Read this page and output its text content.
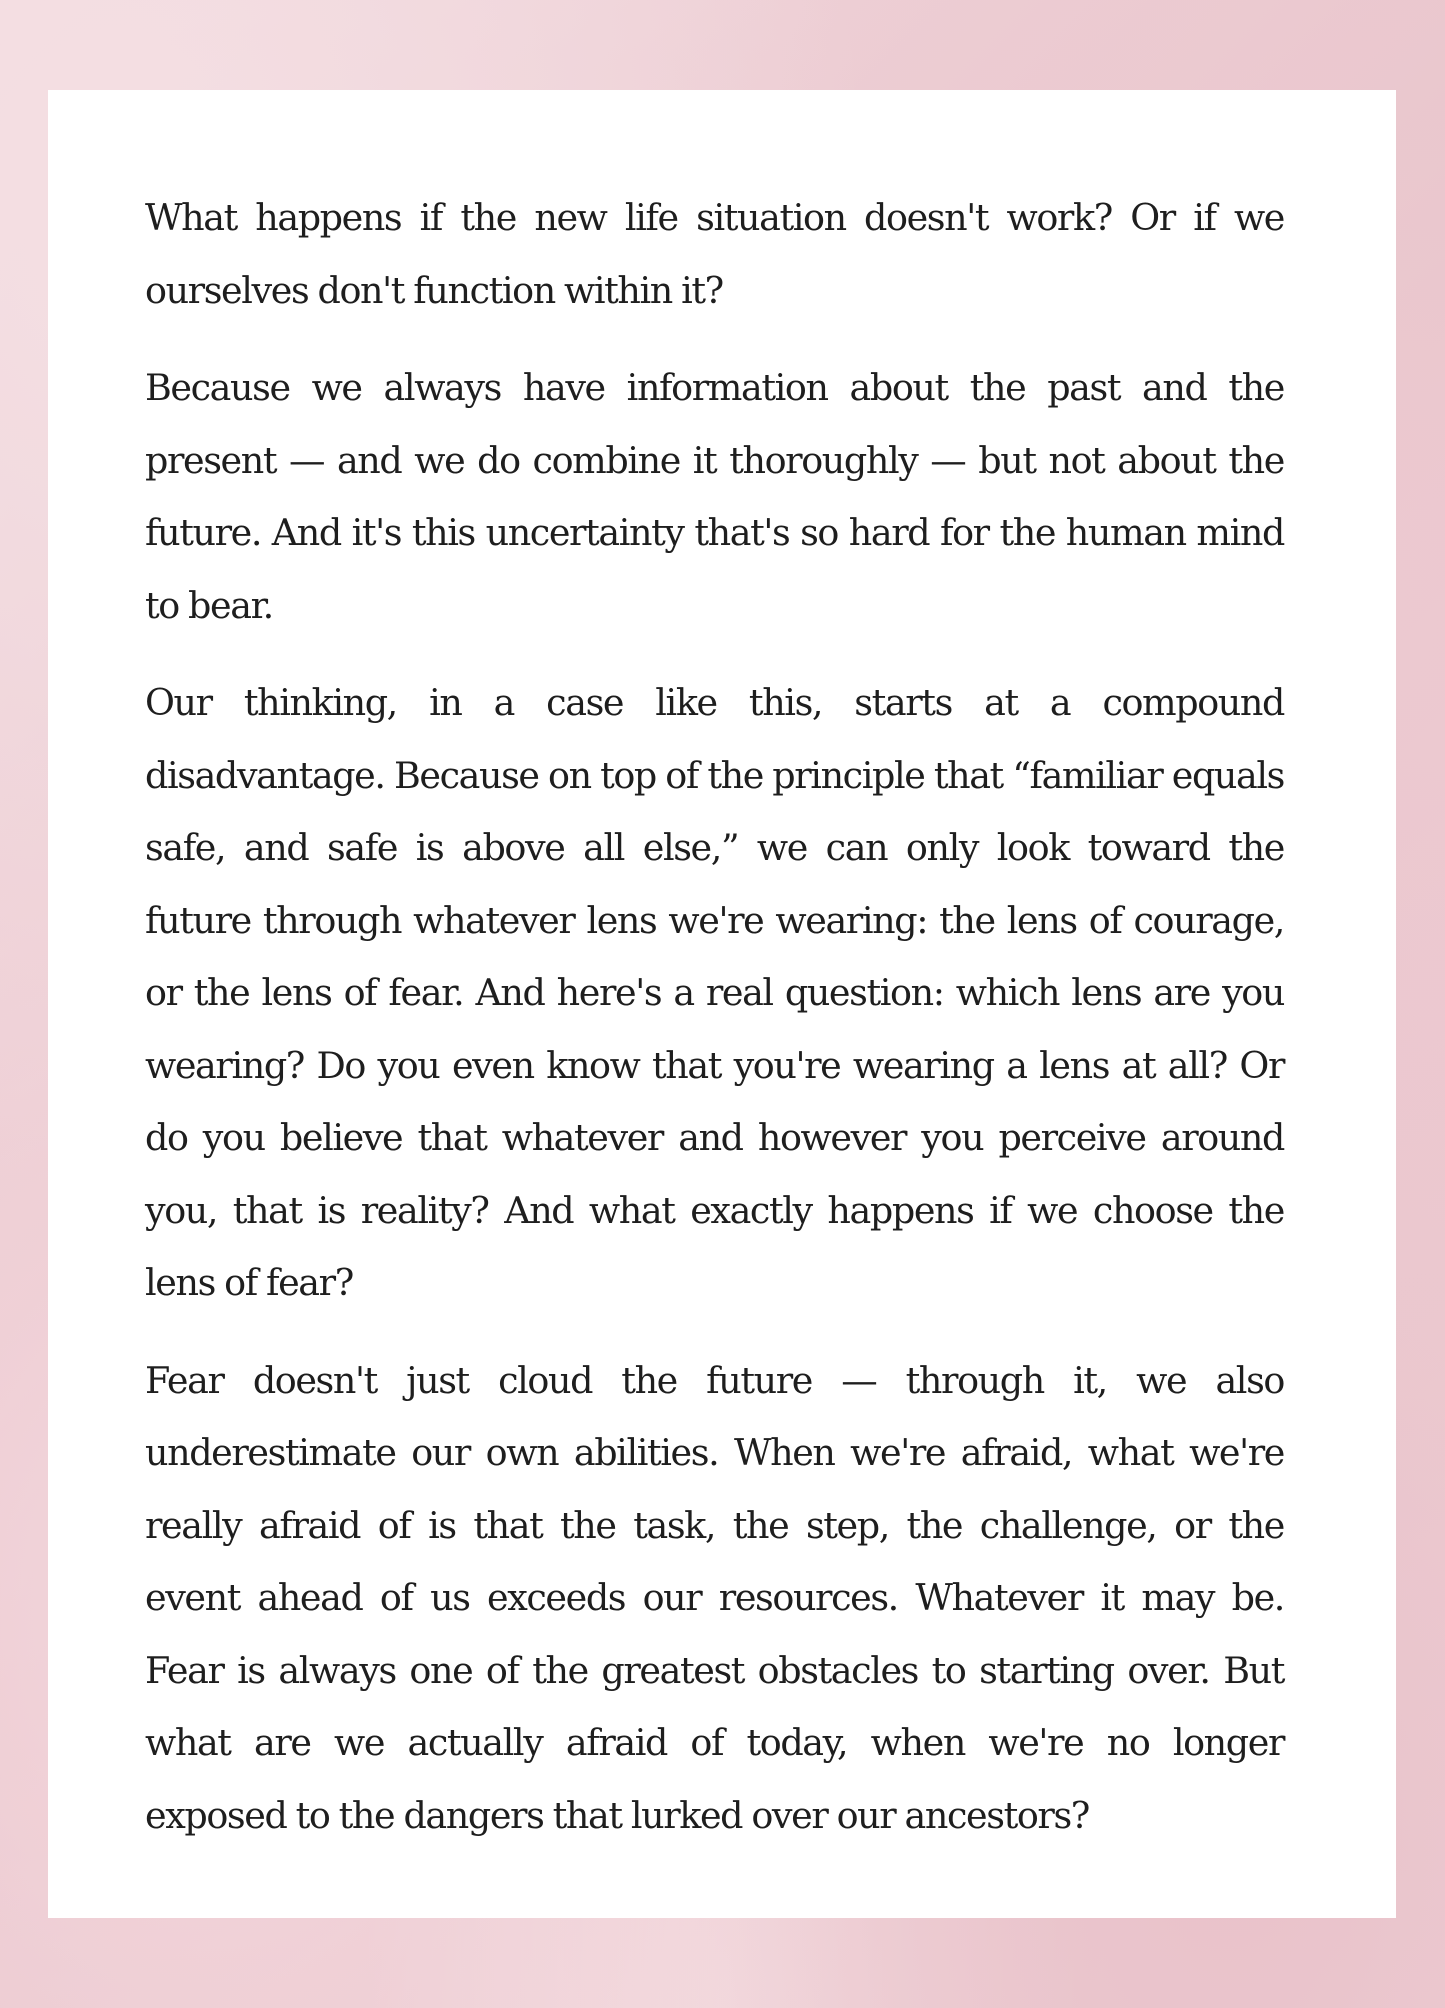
What happens if the new life situation doesn't work? Or if we ourselves don't function within it?

Because we always have information about the past and the present — and we do combine it thoroughly — but not about the future. And it's this uncertainty that's so hard for the human mind to bear.

Our thinking, in a case like this, starts at a compound disadvantage. Because on top of the principle that “familiar equals safe, and safe is above all else,” we can only look toward the future through whatever lens we're wearing: the lens of courage, or the lens of fear. And here's a real question: which lens are you wearing? Do you even know that you're wearing a lens at all? Or do you believe that whatever and however you perceive around you, that is reality? And what exactly happens if we choose the lens of fear?

Fear doesn't just cloud the future — through it, we also underestimate our own abilities. When we're afraid, what we're really afraid of is that the task, the step, the challenge, or the event ahead of us exceeds our resources. Whatever it may be. Fear is always one of the greatest obstacles to starting over. But what are we actually afraid of today, when we're no longer exposed to the dangers that lurked over our ancestors?
